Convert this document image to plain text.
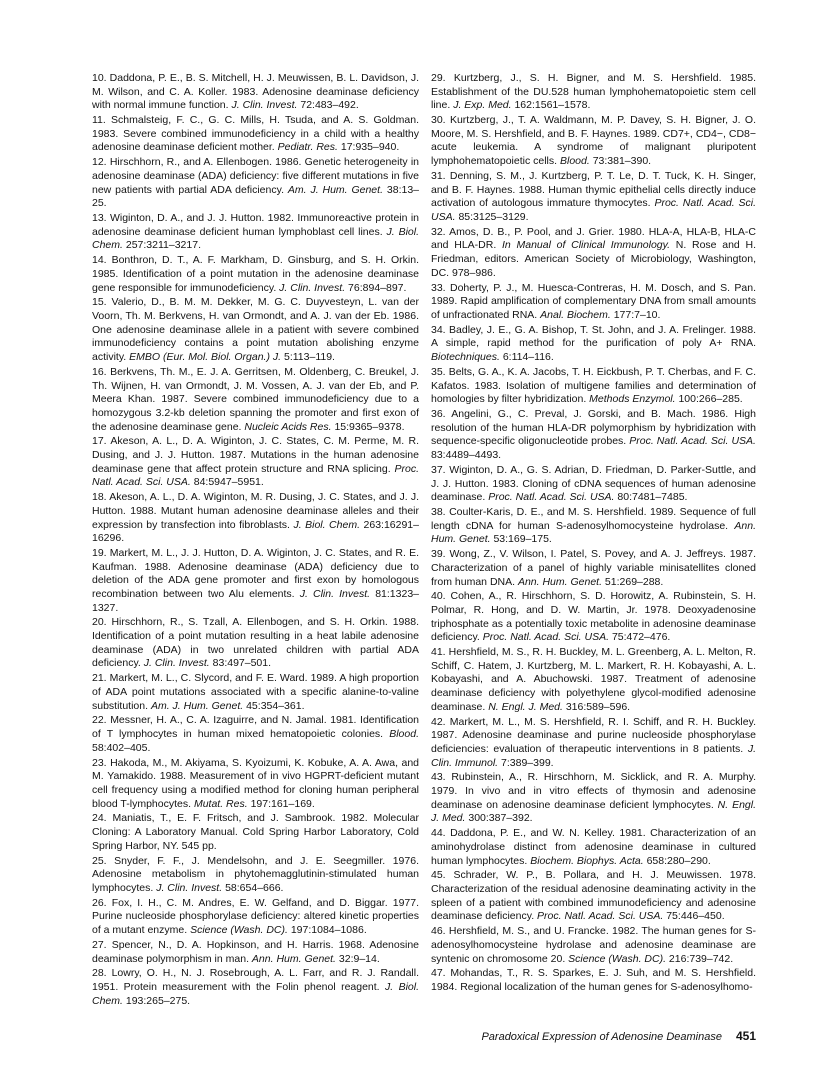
10. Daddona, P. E., B. S. Mitchell, H. J. Meuwissen, B. L. Davidson, J. M. Wilson, and C. A. Koller. 1983. Adenosine deaminase deficiency with normal immune function. J. Clin. Invest. 72:483–492.

11. Schmalsteig, F. C., G. C. Mills, H. Tsuda, and A. S. Goldman. 1983. Severe combined immunodeficiency in a child with a healthy adenosine deaminase deficient mother. Pediatr. Res. 17:935–940.

12. Hirschhorn, R., and A. Ellenbogen. 1986. Genetic heterogeneity in adenosine deaminase (ADA) deficiency: five different mutations in five new patients with partial ADA deficiency. Am. J. Hum. Genet. 38:13–25.

13. Wiginton, D. A., and J. J. Hutton. 1982. Immunoreactive protein in adenosine deaminase deficient human lymphoblast cell lines. J. Biol. Chem. 257:3211–3217.

14. Bonthron, D. T., A. F. Markham, D. Ginsburg, and S. H. Orkin. 1985. Identification of a point mutation in the adenosine deaminase gene responsible for immunodeficiency. J. Clin. Invest. 76:894–897.

15. Valerio, D., B. M. M. Dekker, M. G. C. Duyvesteyn, L. van der Voorn, Th. M. Berkvens, H. van Ormondt, and A. J. van der Eb. 1986. One adenosine deaminase allele in a patient with severe combined immunodeficiency contains a point mutation abolishing enzyme activity. EMBO (Eur. Mol. Biol. Organ.) J. 5:113–119.

16. Berkvens, Th. M., E. J. A. Gerritsen, M. Oldenberg, C. Breukel, J. Th. Wijnen, H. van Ormondt, J. M. Vossen, A. J. van der Eb, and P. Meera Khan. 1987. Severe combined immunodeficiency due to a homozygous 3.2-kb deletion spanning the promoter and first exon of the adenosine deaminase gene. Nucleic Acids Res. 15:9365–9378.

17. Akeson, A. L., D. A. Wiginton, J. C. States, C. M. Perme, M. R. Dusing, and J. J. Hutton. 1987. Mutations in the human adenosine deaminase gene that affect protein structure and RNA splicing. Proc. Natl. Acad. Sci. USA. 84:5947–5951.

18. Akeson, A. L., D. A. Wiginton, M. R. Dusing, J. C. States, and J. J. Hutton. 1988. Mutant human adenosine deaminase alleles and their expression by transfection into fibroblasts. J. Biol. Chem. 263:16291–16296.

19. Markert, M. L., J. J. Hutton, D. A. Wiginton, J. C. States, and R. E. Kaufman. 1988. Adenosine deaminase (ADA) deficiency due to deletion of the ADA gene promoter and first exon by homologous recombination between two Alu elements. J. Clin. Invest. 81:1323–1327.

20. Hirschhorn, R., S. Tzall, A. Ellenbogen, and S. H. Orkin. 1988. Identification of a point mutation resulting in a heat labile adenosine deaminase (ADA) in two unrelated children with partial ADA deficiency. J. Clin. Invest. 83:497–501.

21. Markert, M. L., C. Slycord, and F. E. Ward. 1989. A high proportion of ADA point mutations associated with a specific alanine-to-valine substitution. Am. J. Hum. Genet. 45:354–361.

22. Messner, H. A., C. A. Izaguirre, and N. Jamal. 1981. Identification of T lymphocytes in human mixed hematopoietic colonies. Blood. 58:402–405.

23. Hakoda, M., M. Akiyama, S. Kyoizumi, K. Kobuke, A. A. Awa, and M. Yamakido. 1988. Measurement of in vivo HGPRT-deficient mutant cell frequency using a modified method for cloning human peripheral blood T-lymphocytes. Mutat. Res. 197:161–169.

24. Maniatis, T., E. F. Fritsch, and J. Sambrook. 1982. Molecular Cloning: A Laboratory Manual. Cold Spring Harbor Laboratory, Cold Spring Harbor, NY. 545 pp.

25. Snyder, F. F., J. Mendelsohn, and J. E. Seegmiller. 1976. Adenosine metabolism in phytohemagglutinin-stimulated human lymphocytes. J. Clin. Invest. 58:654–666.

26. Fox, I. H., C. M. Andres, E. W. Gelfand, and D. Biggar. 1977. Purine nucleoside phosphorylase deficiency: altered kinetic properties of a mutant enzyme. Science (Wash. DC). 197:1084–1086.

27. Spencer, N., D. A. Hopkinson, and H. Harris. 1968. Adenosine deaminase polymorphism in man. Ann. Hum. Genet. 32:9–14.

28. Lowry, O. H., N. J. Rosebrough, A. L. Farr, and R. J. Randall. 1951. Protein measurement with the Folin phenol reagent. J. Biol. Chem. 193:265–275.

29. Kurtzberg, J., S. H. Bigner, and M. S. Hershfield. 1985. Establishment of the DU.528 human lymphohematopoietic stem cell line. J. Exp. Med. 162:1561–1578.

30. Kurtzberg, J., T. A. Waldmann, M. P. Davey, S. H. Bigner, J. O. Moore, M. S. Hershfield, and B. F. Haynes. 1989. CD7+, CD4−, CD8− acute leukemia. A syndrome of malignant pluripotent lymphohematopoietic cells. Blood. 73:381–390.

31. Denning, S. M., J. Kurtzberg, P. T. Le, D. T. Tuck, K. H. Singer, and B. F. Haynes. 1988. Human thymic epithelial cells directly induce activation of autologous immature thymocytes. Proc. Natl. Acad. Sci. USA. 85:3125–3129.

32. Amos, D. B., P. Pool, and J. Grier. 1980. HLA-A, HLA-B, HLA-C and HLA-DR. In Manual of Clinical Immunology. N. Rose and H. Friedman, editors. American Society of Microbiology, Washington, DC. 978–986.

33. Doherty, P. J., M. Huesca-Contreras, H. M. Dosch, and S. Pan. 1989. Rapid amplification of complementary DNA from small amounts of unfractionated RNA. Anal. Biochem. 177:7–10.

34. Badley, J. E., G. A. Bishop, T. St. John, and J. A. Frelinger. 1988. A simple, rapid method for the purification of poly A+ RNA. Biotechniques. 6:114–116.

35. Belts, G. A., K. A. Jacobs, T. H. Eickbush, P. T. Cherbas, and F. C. Kafatos. 1983. Isolation of multigene families and determination of homologies by filter hybridization. Methods Enzymol. 100:266–285.

36. Angelini, G., C. Preval, J. Gorski, and B. Mach. 1986. High resolution of the human HLA-DR polymorphism by hybridization with sequence-specific oligonucleotide probes. Proc. Natl. Acad. Sci. USA. 83:4489–4493.

37. Wiginton, D. A., G. S. Adrian, D. Friedman, D. Parker-Suttle, and J. J. Hutton. 1983. Cloning of cDNA sequences of human adenosine deaminase. Proc. Natl. Acad. Sci. USA. 80:7481–7485.

38. Coulter-Karis, D. E., and M. S. Hershfield. 1989. Sequence of full length cDNA for human S-adenosylhomocysteine hydrolase. Ann. Hum. Genet. 53:169–175.

39. Wong, Z., V. Wilson, I. Patel, S. Povey, and A. J. Jeffreys. 1987. Characterization of a panel of highly variable minisatellites cloned from human DNA. Ann. Hum. Genet. 51:269–288.

40. Cohen, A., R. Hirschhorn, S. D. Horowitz, A. Rubinstein, S. H. Polmar, R. Hong, and D. W. Martin, Jr. 1978. Deoxyadenosine triphosphate as a potentially toxic metabolite in adenosine deaminase deficiency. Proc. Natl. Acad. Sci. USA. 75:472–476.

41. Hershfield, M. S., R. H. Buckley, M. L. Greenberg, A. L. Melton, R. Schiff, C. Hatem, J. Kurtzberg, M. L. Markert, R. H. Kobayashi, A. L. Kobayashi, and A. Abuchowski. 1987. Treatment of adenosine deaminase deficiency with polyethylene glycol-modified adenosine deaminase. N. Engl. J. Med. 316:589–596.

42. Markert, M. L., M. S. Hershfield, R. I. Schiff, and R. H. Buckley. 1987. Adenosine deaminase and purine nucleoside phosphorylase deficiencies: evaluation of therapeutic interventions in 8 patients. J. Clin. Immunol. 7:389–399.

43. Rubinstein, A., R. Hirschhorn, M. Sicklick, and R. A. Murphy. 1979. In vivo and in vitro effects of thymosin and adenosine deaminase on adenosine deaminase deficient lymphocytes. N. Engl. J. Med. 300:387–392.

44. Daddona, P. E., and W. N. Kelley. 1981. Characterization of an aminohydrolase distinct from adenosine deaminase in cultured human lymphocytes. Biochem. Biophys. Acta. 658:280–290.

45. Schrader, W. P., B. Pollara, and H. J. Meuwissen. 1978. Characterization of the residual adenosine deaminating activity in the spleen of a patient with combined immunodeficiency and adenosine deaminase deficiency. Proc. Natl. Acad. Sci. USA. 75:446–450.

46. Hershfield, M. S., and U. Francke. 1982. The human genes for S-adenosylhomocysteine hydrolase and adenosine deaminase are syntenic on chromosome 20. Science (Wash. DC). 216:739–742.

47. Mohandas, T., R. S. Sparkes, E. J. Suh, and M. S. Hershfield. 1984. Regional localization of the human genes for S-adenosylhomo-

Paradoxical Expression of Adenosine Deaminase 451
